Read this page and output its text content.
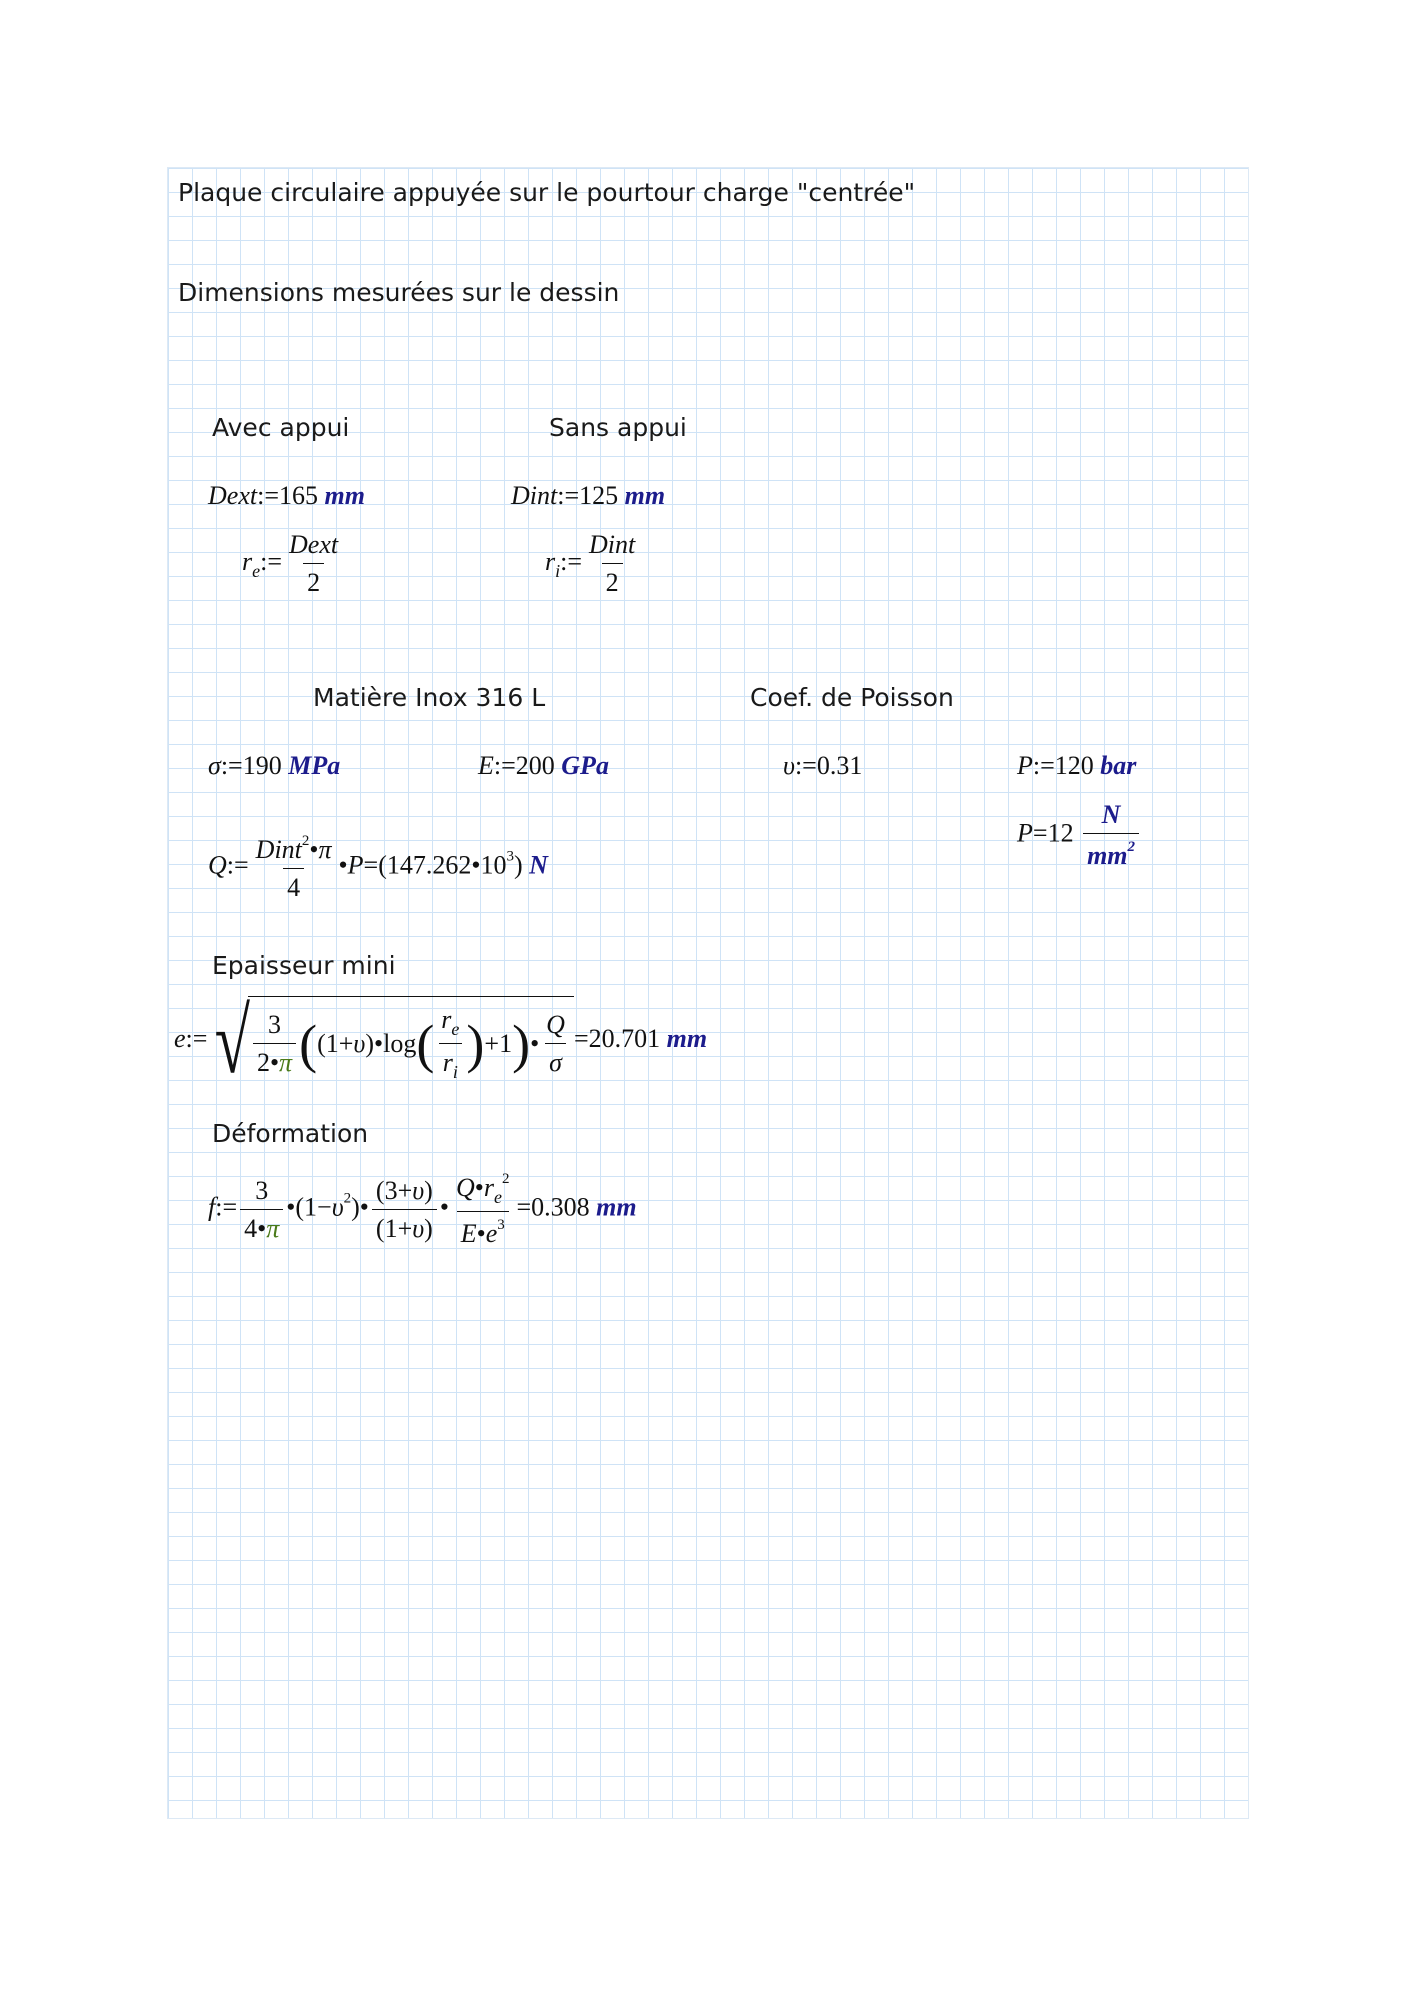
Plaque circulaire appuyée sur le pourtour charge "centrée"
Dimensions mesurées sur le dessin
Avec appui	Sans appui
Matière Inox 316 L	Coef. de Poisson
Epaisseur mini
Déformation
Dext:=165 mm	Dint:=125 mm
$r_e:= \frac{\text{Dext}}{2}$	$r_i:= \frac{\text{Dint}}{2}$
σ:=190 MPa	E:=200 GPa	υ:=0.31	P:=120 bar
$P=12 \frac{N}{mm^2}$
Q:= $\frac{Dint^2•\pi}{4}$ $•P=(147.262•10^3)$ N
e:= √ $\frac{3}{2•\pi}$ ( (1+ υ )•log ( $\frac{r_e}{r_i}$ ) +1 ) • $\frac{Q}{\sigma} =20.701$ mm
f:= $\frac{3}{4•\pi}$ $•(1-\upsilon^2)• \frac{(3+\upsilon)}{(1+\upsilon)}$ • $\frac{Q•r_e^2}{E•e^3} =0.308$ mm
